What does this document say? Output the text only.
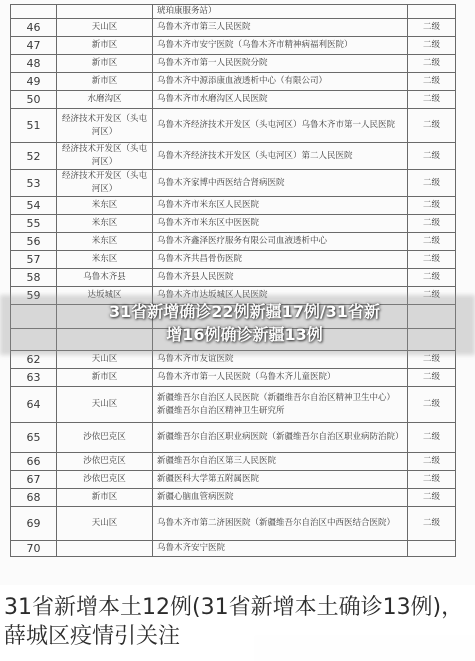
		琥珀康服务站）	
46	天山区	乌鲁木齐市第三人民医院	二级
47	新市区	乌鲁木齐市安宁医院（乌鲁木齐市精神病福利医院）	二级
48	新市区	乌鲁木齐市第一人民医院分院	二级
49	新市区	乌鲁木齐中源添康血液透析中心（有限公司）	二级
50	水磨沟区	乌鲁木齐市水磨沟区人民医院	二级
51	经济技术开发区（头屯河区）	乌鲁木齐经济技术开发区（头屯河区）乌鲁木齐市第一人民医院	二级
52	经济技术开发区（头屯河区）	乌鲁木齐经济技术开发区（头屯河区）第二人民医院	二级
53	经济技术开发区（头屯河区）	乌鲁木齐家博中西医结合肾病医院	二级
54	米东区	乌鲁木齐市米东区人民医院	二级
55	米东区	乌鲁木齐市米东区中医医院	二级
56	米东区	乌鲁木齐鑫泽医疗服务有限公司血液透析中心	二级
57	米东区	乌鲁木齐共昌骨伤医院	二级
58	乌鲁木齐县	乌鲁木齐县人民医院	二级
59	达坂城区	乌鲁木齐市达坂城区人民医院	二级

62	天山区	乌鲁木齐市友谊医院	二级
63	新市区	乌鲁木齐市第一人民医院（乌鲁木齐儿童医院）	二级
64	天山区	新疆维吾尔自治区人民医院（新疆维吾尔自治区精神卫生中心）新疆维吾尔自治区精神卫生研究所	二级
65	沙依巴克区	新疆维吾尔自治区职业病医院（新疆维吾尔自治区职业病防治院）	二级
66	沙依巴克区	新疆维吾尔自治区第三人民医院	二级
67	沙依巴克区	新疆医科大学第五附属医院	二级
68	新市区	新疆心脑血管病医院	二级
69	天山区	乌鲁木齐市第二济困医院（新疆维吾尔自治区中西医结合医院）	二级
70		乌鲁木齐安宁医院	
31省新增确诊22例新疆17例/31省新
增16例确诊新疆13例
31省新增本土12例(31省新增本土确诊13例)，薛城区疫情引关注
